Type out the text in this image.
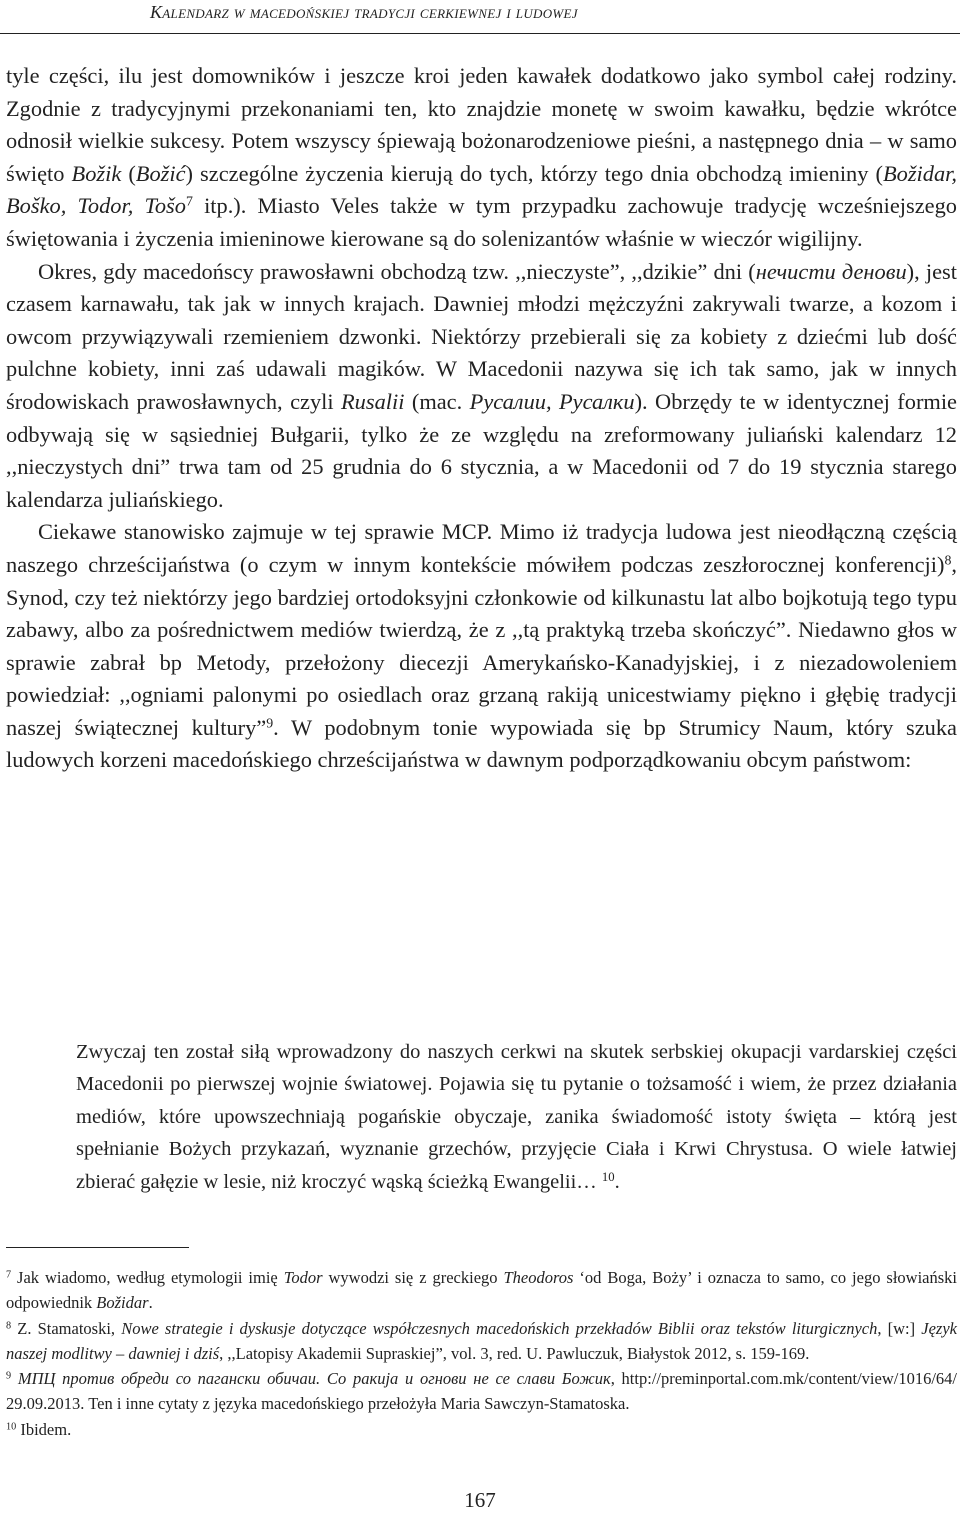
Kalendarz w macedońskiej tradycji cerkiewnej i ludowej

tyle części, ilu jest domowników i jeszcze kroi jeden kawałek dodatkowo jako symbol całej rodziny. Zgodnie z tradycyjnymi przekonaniami ten, kto znajdzie monetę w swoim kawałku, będzie wkrótce odnosił wielkie sukcesy. Potem wszyscy śpiewają bożonarodzeniowe pieśni, a następnego dnia – w samo święto Božik (Božić) szczególne życzenia kierują do tych, którzy tego dnia obchodzą imieniny (Božidar, Boško, Todor, Tošo$^7$ itp.). Miasto Veles także w tym przypadku zachowuje tradycję wcześniejszego świętowania i życzenia imieninowe kierowane są do solenizantów właśnie w wieczór wigilijny.

Okres, gdy macedońscy prawosławni obchodzą tzw. ,,nieczyste”, ,,dzikie” dni (нечисти денови), jest czasem karnawału, tak jak w innych krajach. Dawniej młodzi mężczyźni zakrywali twarze, a kozom i owcom przywiązywali rzemieniem dzwonki. Niektórzy przebierali się za kobiety z dziećmi lub dość pulchne kobiety, inni zaś udawali magików. W Macedonii nazywa się ich tak samo, jak w innych środowiskach prawosławnych, czyli Rusalii (mac. Русалии, Русалки). Obrzędy te w identycznej formie odbywają się w sąsiedniej Bułgarii, tylko że ze względu na zreformowany juliański kalendarz 12 ,,nieczystych dni” trwa tam od 25 grudnia do 6 stycznia, a w Macedonii od 7 do 19 stycznia starego kalendarza juliańskiego.

Ciekawe stanowisko zajmuje w tej sprawie MCP. Mimo iż tradycja ludowa jest nieodłączną częścią naszego chrześcijaństwa (o czym w innym kontekście mówiłem podczas zeszłorocznej konferencji)$^8$, Synod, czy też niektórzy jego bardziej ortodoksyjni członkowie od kilkunastu lat albo bojkotują tego typu zabawy, albo za pośrednictwem mediów twierdzą, że z ,,tą praktyką trzeba skończyć”. Niedawno głos w sprawie zabrał bp Metody, przełożony diecezji Amerykańsko-Kanadyjskiej, i z niezadowoleniem powiedział: ,,ogniami palonymi po osiedlach oraz grzaną rakiją unicestwiamy piękno i głębię tradycji naszej świątecznej kultury”$^9$. W podobnym tonie wypowiada się bp Strumicy Naum, który szuka ludowych korzeni macedońskiego chrześcijaństwa w dawnym podporządkowaniu obcym państwom:

Zwyczaj ten został siłą wprowadzony do naszych cerkwi na skutek serbskiej okupacji vardarskiej części Macedonii po pierwszej wojnie światowej. Pojawia się tu pytanie o tożsamość i wiem, że przez działania mediów, które upowszechniają pogańskie obyczaje, zanika świadomość istoty święta – którą jest spełnianie Bożych przykazań, wyznanie grzechów, przyjęcie Ciała i Krwi Chrystusa. O wiele łatwiej zbierać gałęzie w lesie, niż kroczyć wąską ścieżką Ewangelii… $^{10}$.

$^7$ Jak wiadomo, według etymologii imię Todor wywodzi się z greckiego Theodoros ‘od Boga, Boży’ i oznacza to samo, co jego słowiański odpowiednik Božidar.

$^8$ Z. Stamatoski, Nowe strategie i dyskusje dotyczące współczesnych macedońskich przekładów Biblii oraz tekstów liturgicznych, [w:] Język naszej modlitwy – dawniej i dziś, ,,Latopisy Akademii Supraskiej”, vol. 3, red. U. Pawluczuk, Białystok 2012, s. 159-169.

$^9$ МПЦ против обреди со пагански обичаи. Со ракија и огнови не се слави Божик, http://preminportal.com.mk/content/view/1016/64/ 29.09.2013. Ten i inne cytaty z języka macedońskiego przełożyła Maria Sawczyn-Stamatoska.

$^{10}$ Ibidem.

167
